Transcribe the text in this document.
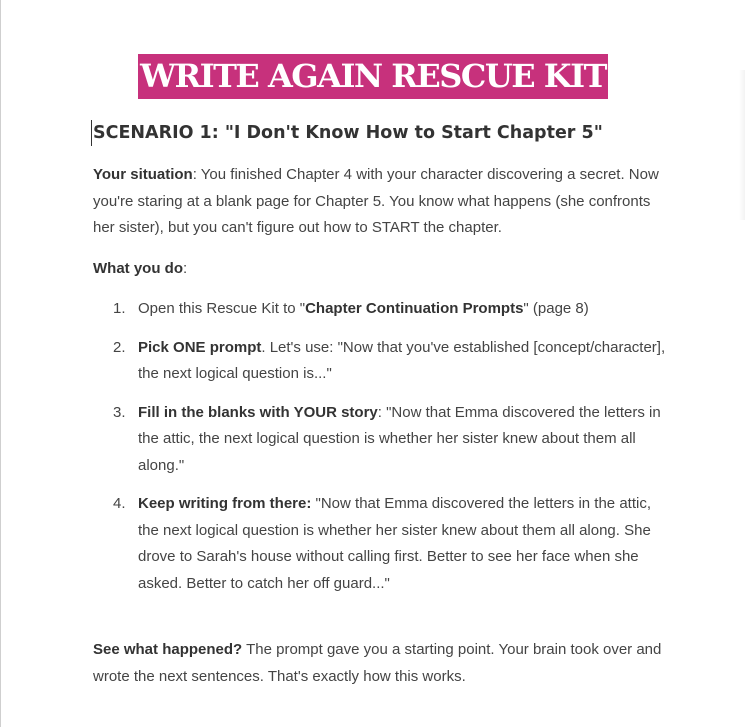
WRITE AGAIN RESCUE KIT
SCENARIO 1: "I Don't Know How to Start Chapter 5"

Your situation: You finished Chapter 4 with your character discovering a secret. Now you're staring at a blank page for Chapter 5. You know what happens (she confronts her sister), but you can't figure out how to START the chapter.

What you do:

1. Open this Rescue Kit to "Chapter Continuation Prompts" (page 8)
2. Pick ONE prompt. Let's use: "Now that you've established [concept/character], the next logical question is..."
3. Fill in the blanks with YOUR story: "Now that Emma discovered the letters in the attic, the next logical question is whether her sister knew about them all along."
4. Keep writing from there: "Now that Emma discovered the letters in the attic, the next logical question is whether her sister knew about them all along. She drove to Sarah's house without calling first. Better to see her face when she asked. Better to catch her off guard..."

See what happened? The prompt gave you a starting point. Your brain took over and wrote the next sentences. That's exactly how this works.
